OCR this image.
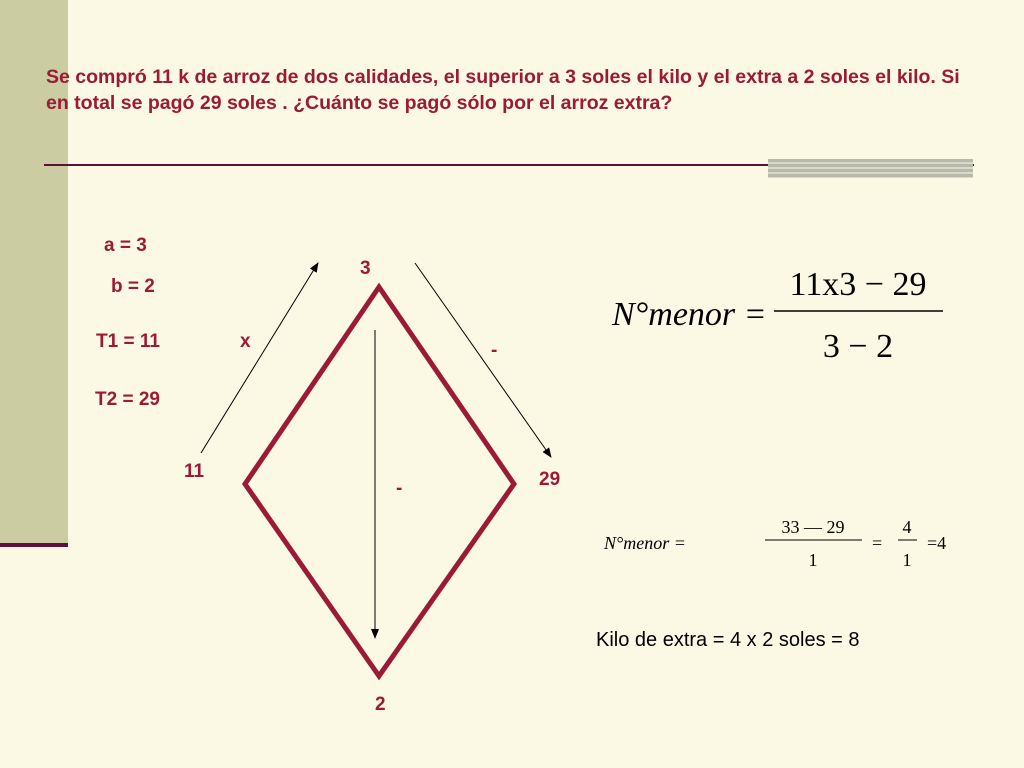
Se compró 11 k de arroz de dos calidades, el superior a 3 soles el kilo y el extra a 2 soles el kilo. Si en total se pagó 29 soles . ¿Cuánto se pagó sólo por el arroz extra?
a = 3
b = 2
T1 = 11
T2 = 29
3
11	29
2
x	-
-
N°menor =
11x3 − 29
3 − 2
N°menor =
33 — 29
1
=
4
1
=4
Kilo de extra = 4 x 2 soles = 8
